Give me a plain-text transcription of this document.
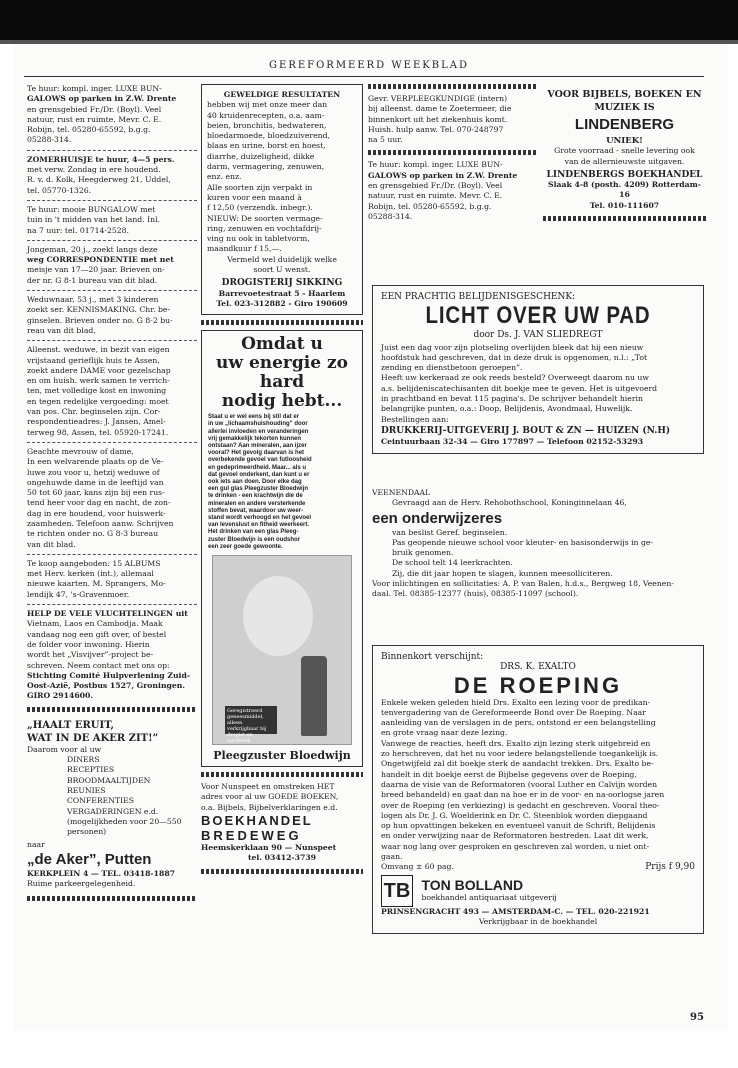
GEREFORMEERD WEEKBLAD

Te huur: kompl. inger. LUXE BUN-

GALOWS op parken in Z.W. Drente

en grensgebied Fr./Dr. (Boyl). Veel

natuur, rust en ruimte. Mevr. C. E.

Robijn, tel. 05280-65592, b.g.g.

05288-314.

ZOMERHUISJE te huur, 4—5 pers.

met verw. Zondag in ere houdend.

R. v. d. Kolk, Heegderweg 21, Uddel,

tel. 05770-1326.

Te huur: mooie BUNGALOW met

tuin in 't midden van het land. Inl.

na 7 uur: tel. 01714-2528.

Jongeman, 20 j., zoekt langs deze

weg CORRESPONDENTIE met net

meisje van 17—20 jaar. Brieven on-

der nr. G 8-1 bureau van dit blad.

Weduwnaar, 53 j., met 3 kinderen

zoekt ser. KENNISMAKING. Chr. be-

ginselen. Brieven onder no. G 8-2 bu-

reau van dit blad.

Alleenst. weduwe, in bezit van eigen

vrijstaand gerieflijk huis te Assen,

zoekt andere DAME voor gezelschap

en om huish. werk samen te verrich-

ten, met volledige kost en inwoning

en tegen redelijke vergoeding: moet

van pos. Chr. beginselen zijn. Cor-

respondentieadres: J. Jansen, Amel-

terweg 98, Assen, tel. 05920-17241.

Geachte mevrouw of dame,

In een welvarende plaats op de Ve-

luwe zou voor u, hetzij weduwe of

ongehuwde dame in de leeftijd van

50 tot 60 jaar, kans zijn bij een rus-

tend heer voor dag en nacht, de zon-

dag in ere houdend, voor huiswerk-

zaamheden. Telefoon aanw. Schrijven

te richten onder no. G 8-3 bureau

van dit blad.

Te koop aangeboden: 15 ALBUMS

met Herv. kerken (int.), allemaal

nieuwe kaarten. M. Sprangers, Mo-

lendijk 47, 's-Gravenmoer.

HELP DE VELE VLUCHTELINGEN uit

Vietnam, Laos en Cambodja. Maak

vandaag nog een gift over, of bestel

de folder voor inwoning. Hierin

wordt het „Visvijver”-project be-

schreven. Neem contact met ons op:

Stichting Comité Hulpverlening Zuid-

Oost-Azië, Postbus 1527, Groningen.

GIRO 2914600.

„HAALT ERUIT,

WAT IN DE AKER ZIT!”

Daarom voor al uw

DINERS

RECEPTIES

BROODMAALTIJDEN

REUNIES

CONFERENTIES

VERGADERINGEN e.d.

(mogelijkheden voor 20—550

personen)

naar

„de Aker”, Putten

KERKPLEIN 4 — TEL. 03418-1887

Ruime parkeergelegenheid.

GEWELDIGE RESULTATEN

hebben wij met onze meer dan

40 kruidenrecepten, o.a. aam-

beien, bronchitis, bedwateren,

bloedarmoede, bloedzuiverend,

blaas en urine, borst en hoest,

diarrhe, duizeligheid, dikke

darm, vermagering, zenuwen,

enz. enz.

Alle soorten zijn verpakt in

kuren voor een maand à

f 12,50 (verzendk. inbegr.).

NIEUW: De soorten vermage-

ring, zenuwen en vochtafdrij-

ving nu ook in tabletvorm,

maandkuur f 15,—.

Vermeld wel duidelijk welke

soort U wenst.

DROGISTERIJ SIKKING

Barrevoetestraat 5 - Haarlem

Tel. 023-312882 - Giro 190609

Omdat u

uw energie zo

hard

nodig hebt...

Staat u er wel eens bij stil dat er

in uw „lichaamshuishouding” door

allerlei invloeden en veranderingen

vrij gemakkelijk tekorten kunnen

ontstaan? Aan mineralen, aan ijzer

vooral? Het gevolg daarvan is het

overbekende gevoel van futloosheid

en gedeprimeerdheid. Maar... als u

dat gevoel onderkent, dan kunt u er

ook iets aan doen. Door elke dag

een gul glas Pleegzuster Bloedwijn

te drinken - een krachtwijn die de

mineralen en andere versterkende

stoffen bevat, waardoor uw weer-

stand wordt verhoogd en het gevoel

van levenslust en fitheid weerkeert.

Het drinken van een glas Pleeg-

zuster Bloedwijn is een oudshor

een zeer goede gewoonte.

Geregistreerd geneesmiddel, alleen verkrijgbaar bij drogist en apotheek

Pleegzuster Bloedwijn

Voor Nunspeet en omstreken HET

adres voor al uw GOEDE BOEKEN,

o.a. Bijbels, Bijbelverklaringen e.d.

BOEKHANDEL

BREDEWEG

Heemskerklaan 90 — Nunspeet

tel. 03412-3739

Gevr. VERPLEEGKUNDIGE (intern)

bij alleenst. dame te Zoetermeer, die

binnenkort uit het ziekenhuis komt.

Huish. hulp aanw. Tel. 070-248797

na 5 uur.

Te huur: kompl. inger. LUXE BUN-

GALOWS op parken in Z.W. Drente

en grensgebied Fr./Dr. (Boyl). Veel

natuur, rust en ruimte. Mevr. C. E.

Robijn, tel. 05280-65592, b.g.g.

05288-314.

VOOR BIJBELS, BOEKEN EN

MUZIEK IS

LINDENBERG

UNIEK!

Grote voorraad - snelle levering ook

van de allernieuwste uitgaven.

LINDENBERGS BOEKHANDEL

Slaak 4-8 (posth. 4209) Rotterdam-16

Tel. 010-111607

EEN PRACHTIG BELIJDENISGESCHENK:

LICHT OVER UW PAD

door Ds. J. VAN SLIEDREGT

Juist een dag voor zijn plotseling overlijden bleek dat hij een nieuw

hoofdstuk had geschreven, dat in deze druk is opgenomen, n.l.: „Tot

zending en dienstbetoon geroepen”.

Heeft uw kerkeraad ze ook reeds besteld? Overweegt daarom nu uw

a.s. belijdeniscatechisanten dit boekje mee te geven. Het is uitgevoerd

in prachtband en bevat 115 pagina's. De schrijver behandelt hierin

belangrijke punten, o.a.: Doop, Belijdenis, Avondmaal, Huwelijk.

Bestellingen aan:

DRUKKERIJ-UITGEVERIJ J. BOUT & ZN — HUIZEN (N.H)

Ceintuurbaan 32-34 — Giro 177897 — Telefoon 02152-53293

VEENENDAAL

Gevraagd aan de Herv. Rehobothschool, Koninginnelaan 46,

een onderwijzeres

van beslist Geref. beginselen.

Pas geopende nieuwe school voor kleuter- en basisonderwijs in ge-

bruik genomen.

De school telt 14 leerkrachten.

Zij, die dit jaar hopen te slagen, kunnen meesolliciteren.

Voor inlichtingen en sollicitaties: A. P. van Balen, h.d.s., Bergweg 18, Veenen-

daal. Tel. 08385-12377 (huis), 08385-11097 (school).

Binnenkort verschijnt:

DRS. K. EXALTO

DE ROEPING

Enkele weken geleden hield Drs. Exalto een lezing voor de predikan-

tenvergadering van de Gereformeerde Bond over De Roeping. Naar

aanleiding van de verslagen in de pers, ontstond er een belangstelling

en grote vraag naar deze lezing.

Vanwege de reacties, heeft drs. Exalto zijn lezing sterk uitgebreid en

zo herschreven, dat het nu voor iedere belangstellende toegankelijk is.

Ongetwijfeld zal dit boekje sterk de aandacht trekken. Drs. Exalto be-

handelt in dit boekje eerst de Bijbelse gegevens over de Roeping,

daarna de visie van de Reformatoren (vooral Luther en Calvijn worden

breed behandeld) en gaat dan na hoe er in de voor- en na-oorlogse jaren

over de Roeping (en verkiezing) is gedacht en geschreven. Vooral theo-

logen als Dr. J. G. Woelderink en Dr. C. Steenblok worden diepgaand

op hun opvattingen bekeken en eventueel vanuit de Schrift, Belijdenis

en onder verwijzing naar de Reformatoren bestreden. Laat dit werk,

waar nog lang over gesproken en geschreven zal worden, u niet ont-

gaan.

Omvang ± 60 pag.	Prijs f 9,90
TB TON BOLLAND
boekhandel antiquariaat uitgeverij

PRINSENGRACHT 493 — AMSTERDAM-C. — TEL. 020-221921

Verkrijgbaar in de boekhandel

95
